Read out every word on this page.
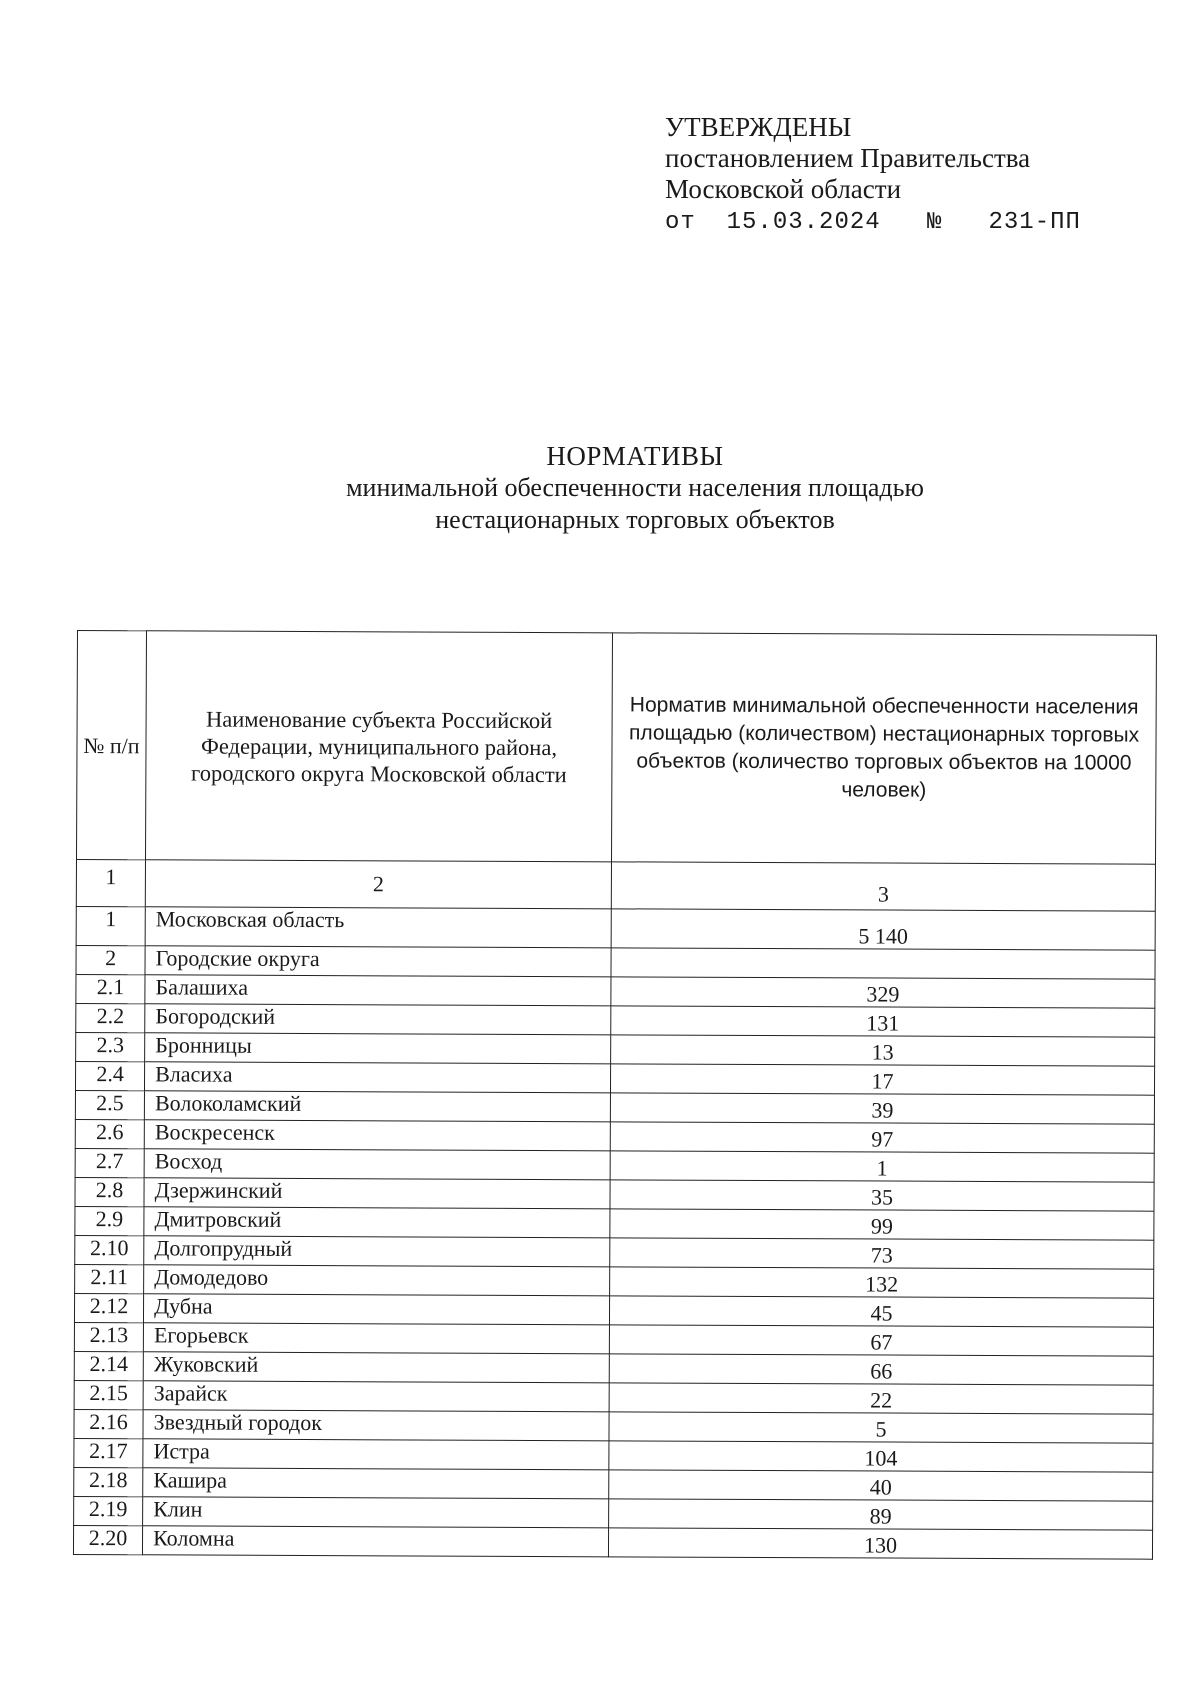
УТВЕРЖДЕНЫ
постановлением Правительства
Московской области
от 15.03.2024 № 231-ПП
НОРМАТИВЫ
минимальной обеспеченности населения площадью
нестационарных торговых объектов
№ п/п	Наименование субъекта Российской Федерации, муниципального района, городского округа Московской области	Норматив минимальной обеспеченности населения площадью (количеством) нестационарных торговых объектов (количество торговых объектов на 10000 человек)
1	2	3
1	Московская область	5 140
2	Городские округа	
2.1	Балашиха	329
2.2	Богородский	131
2.3	Бронницы	13
2.4	Власиха	17
2.5	Волоколамский	39
2.6	Воскресенск	97
2.7	Восход	1
2.8	Дзержинский	35
2.9	Дмитровский	99
2.10	Долгопрудный	73
2.11	Домодедово	132
2.12	Дубна	45
2.13	Егорьевск	67
2.14	Жуковский	66
2.15	Зарайск	22
2.16	Звездный городок	5
2.17	Истра	104
2.18	Кашира	40
2.19	Клин	89
2.20	Коломна	130
